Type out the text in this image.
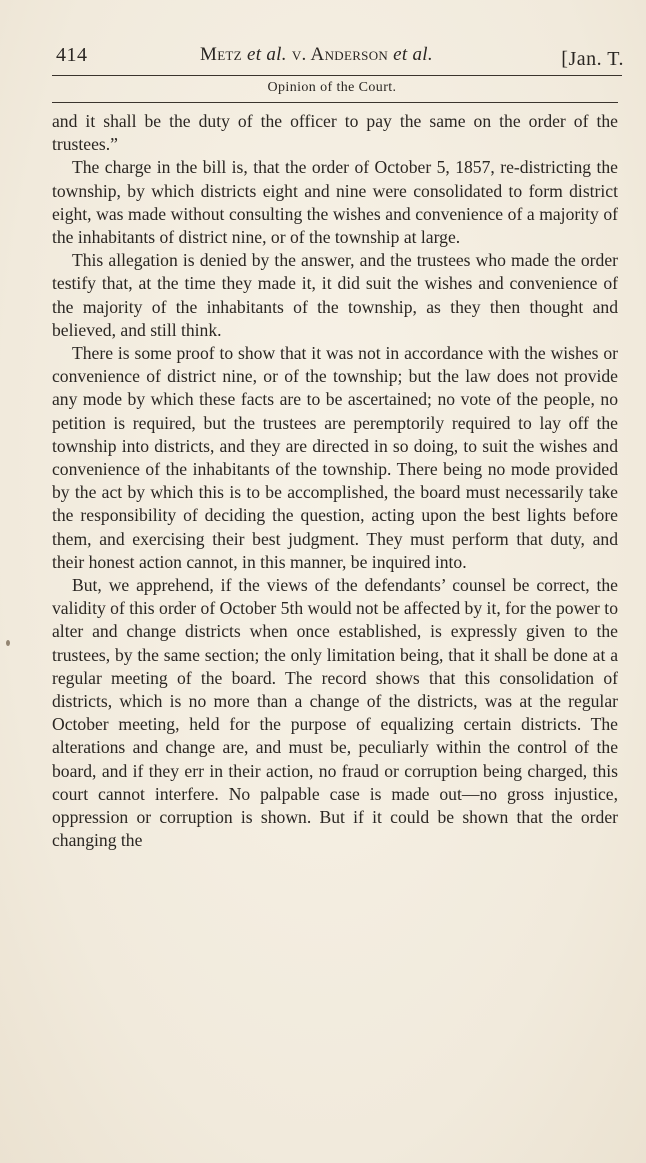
414	Metz et al. v. Anderson et al.	[Jan. T.
Opinion of the Court.

and it shall be the duty of the officer to pay the same on the order of the trustees.”

The charge in the bill is, that the order of October 5, 1857, re-districting the township, by which districts eight and nine were consolidated to form district eight, was made without consulting the wishes and convenience of a majority of the inhabitants of district nine, or of the township at large.

This allegation is denied by the answer, and the trustees who made the order testify that, at the time they made it, it did suit the wishes and convenience of the majority of the inhabitants of the township, as they then thought and believed, and still think.

There is some proof to show that it was not in accordance with the wishes or convenience of district nine, or of the township; but the law does not provide any mode by which these facts are to be ascertained; no vote of the people, no petition is required, but the trustees are peremptorily required to lay off the township into districts, and they are directed in so doing, to suit the wishes and convenience of the inhabitants of the township. There being no mode provided by the act by which this is to be accomplished, the board must necessarily take the responsibility of deciding the question, acting upon the best lights before them, and exercising their best judgment. They must perform that duty, and their honest action cannot, in this manner, be inquired into.

But, we apprehend, if the views of the defendants’ counsel be correct, the validity of this order of October 5th would not be affected by it, for the power to alter and change districts when once established, is expressly given to the trustees, by the same section; the only limitation being, that it shall be done at a regular meeting of the board. The record shows that this consolidation of districts, which is no more than a change of the districts, was at the regular October meeting, held for the purpose of equalizing certain districts. The alterations and change are, and must be, peculiarly within the control of the board, and if they err in their action, no fraud or corruption being charged, this court cannot interfere. No palpable case is made out—no gross injustice, oppression or corruption is shown. But if it could be shown that the order changing the
